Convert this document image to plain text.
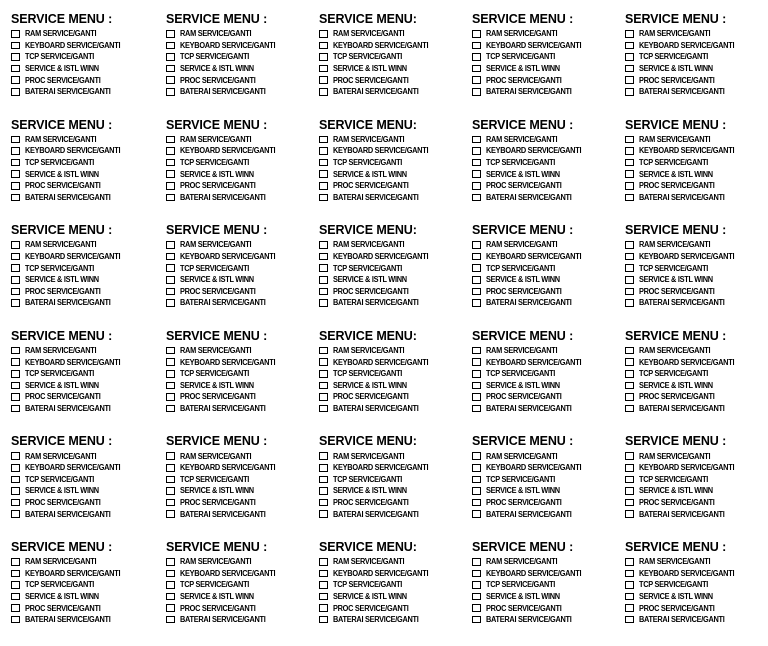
SERVICE MENU :
RAM SERVICE/GANTI
KEYBOARD SERVICE/GANTI
TCP SERVICE/GANTI
SERVICE & ISTL WINN
PROC SERVICE/GANTI
BATERAI SERVICE/GANTI
SERVICE MENU :
RAM SERVICE/GANTI
KEYBOARD SERVICE/GANTI
TCP SERVICE/GANTI
SERVICE & ISTL WINN
PROC SERVICE/GANTI
BATERAI SERVICE/GANTI
SERVICE MENU:
RAM SERVICE/GANTI
KEYBOARD SERVICE/GANTI
TCP SERVICE/GANTI
SERVICE & ISTL WINN
PROC SERVICE/GANTI
BATERAI SERVICE/GANTI
SERVICE MENU :
RAM SERVICE/GANTI
KEYBOARD SERVICE/GANTI
TCP SERVICE/GANTI
SERVICE & ISTL WINN
PROC SERVICE/GANTI
BATERAI SERVICE/GANTI
SERVICE MENU :
RAM SERVICE/GANTI
KEYBOARD SERVICE/GANTI
TCP SERVICE/GANTI
SERVICE & ISTL WINN
PROC SERVICE/GANTI
BATERAI SERVICE/GANTI
SERVICE MENU :
RAM SERVICE/GANTI
KEYBOARD SERVICE/GANTI
TCP SERVICE/GANTI
SERVICE & ISTL WINN
PROC SERVICE/GANTI
BATERAI SERVICE/GANTI
SERVICE MENU :
RAM SERVICE/GANTI
KEYBOARD SERVICE/GANTI
TCP SERVICE/GANTI
SERVICE & ISTL WINN
PROC SERVICE/GANTI
BATERAI SERVICE/GANTI
SERVICE MENU:
RAM SERVICE/GANTI
KEYBOARD SERVICE/GANTI
TCP SERVICE/GANTI
SERVICE & ISTL WINN
PROC SERVICE/GANTI
BATERAI SERVICE/GANTI
SERVICE MENU :
RAM SERVICE/GANTI
KEYBOARD SERVICE/GANTI
TCP SERVICE/GANTI
SERVICE & ISTL WINN
PROC SERVICE/GANTI
BATERAI SERVICE/GANTI
SERVICE MENU :
RAM SERVICE/GANTI
KEYBOARD SERVICE/GANTI
TCP SERVICE/GANTI
SERVICE & ISTL WINN
PROC SERVICE/GANTI
BATERAI SERVICE/GANTI
SERVICE MENU :
RAM SERVICE/GANTI
KEYBOARD SERVICE/GANTI
TCP SERVICE/GANTI
SERVICE & ISTL WINN
PROC SERVICE/GANTI
BATERAI SERVICE/GANTI
SERVICE MENU :
RAM SERVICE/GANTI
KEYBOARD SERVICE/GANTI
TCP SERVICE/GANTI
SERVICE & ISTL WINN
PROC SERVICE/GANTI
BATERAI SERVICE/GANTI
SERVICE MENU:
RAM SERVICE/GANTI
KEYBOARD SERVICE/GANTI
TCP SERVICE/GANTI
SERVICE & ISTL WINN
PROC SERVICE/GANTI
BATERAI SERVICE/GANTI
SERVICE MENU :
RAM SERVICE/GANTI
KEYBOARD SERVICE/GANTI
TCP SERVICE/GANTI
SERVICE & ISTL WINN
PROC SERVICE/GANTI
BATERAI SERVICE/GANTI
SERVICE MENU :
RAM SERVICE/GANTI
KEYBOARD SERVICE/GANTI
TCP SERVICE/GANTI
SERVICE & ISTL WINN
PROC SERVICE/GANTI
BATERAI SERVICE/GANTI
SERVICE MENU :
RAM SERVICE/GANTI
KEYBOARD SERVICE/GANTI
TCP SERVICE/GANTI
SERVICE & ISTL WINN
PROC SERVICE/GANTI
BATERAI SERVICE/GANTI
SERVICE MENU :
RAM SERVICE/GANTI
KEYBOARD SERVICE/GANTI
TCP SERVICE/GANTI
SERVICE & ISTL WINN
PROC SERVICE/GANTI
BATERAI SERVICE/GANTI
SERVICE MENU:
RAM SERVICE/GANTI
KEYBOARD SERVICE/GANTI
TCP SERVICE/GANTI
SERVICE & ISTL WINN
PROC SERVICE/GANTI
BATERAI SERVICE/GANTI
SERVICE MENU :
RAM SERVICE/GANTI
KEYBOARD SERVICE/GANTI
TCP SERVICE/GANTI
SERVICE & ISTL WINN
PROC SERVICE/GANTI
BATERAI SERVICE/GANTI
SERVICE MENU :
RAM SERVICE/GANTI
KEYBOARD SERVICE/GANTI
TCP SERVICE/GANTI
SERVICE & ISTL WINN
PROC SERVICE/GANTI
BATERAI SERVICE/GANTI
SERVICE MENU :
RAM SERVICE/GANTI
KEYBOARD SERVICE/GANTI
TCP SERVICE/GANTI
SERVICE & ISTL WINN
PROC SERVICE/GANTI
BATERAI SERVICE/GANTI
SERVICE MENU :
RAM SERVICE/GANTI
KEYBOARD SERVICE/GANTI
TCP SERVICE/GANTI
SERVICE & ISTL WINN
PROC SERVICE/GANTI
BATERAI SERVICE/GANTI
SERVICE MENU:
RAM SERVICE/GANTI
KEYBOARD SERVICE/GANTI
TCP SERVICE/GANTI
SERVICE & ISTL WINN
PROC SERVICE/GANTI
BATERAI SERVICE/GANTI
SERVICE MENU :
RAM SERVICE/GANTI
KEYBOARD SERVICE/GANTI
TCP SERVICE/GANTI
SERVICE & ISTL WINN
PROC SERVICE/GANTI
BATERAI SERVICE/GANTI
SERVICE MENU :
RAM SERVICE/GANTI
KEYBOARD SERVICE/GANTI
TCP SERVICE/GANTI
SERVICE & ISTL WINN
PROC SERVICE/GANTI
BATERAI SERVICE/GANTI
SERVICE MENU :
RAM SERVICE/GANTI
KEYBOARD SERVICE/GANTI
TCP SERVICE/GANTI
SERVICE & ISTL WINN
PROC SERVICE/GANTI
BATERAI SERVICE/GANTI
SERVICE MENU :
RAM SERVICE/GANTI
KEYBOARD SERVICE/GANTI
TCP SERVICE/GANTI
SERVICE & ISTL WINN
PROC SERVICE/GANTI
BATERAI SERVICE/GANTI
SERVICE MENU:
RAM SERVICE/GANTI
KEYBOARD SERVICE/GANTI
TCP SERVICE/GANTI
SERVICE & ISTL WINN
PROC SERVICE/GANTI
BATERAI SERVICE/GANTI
SERVICE MENU :
RAM SERVICE/GANTI
KEYBOARD SERVICE/GANTI
TCP SERVICE/GANTI
SERVICE & ISTL WINN
PROC SERVICE/GANTI
BATERAI SERVICE/GANTI
SERVICE MENU :
RAM SERVICE/GANTI
KEYBOARD SERVICE/GANTI
TCP SERVICE/GANTI
SERVICE & ISTL WINN
PROC SERVICE/GANTI
BATERAI SERVICE/GANTI
